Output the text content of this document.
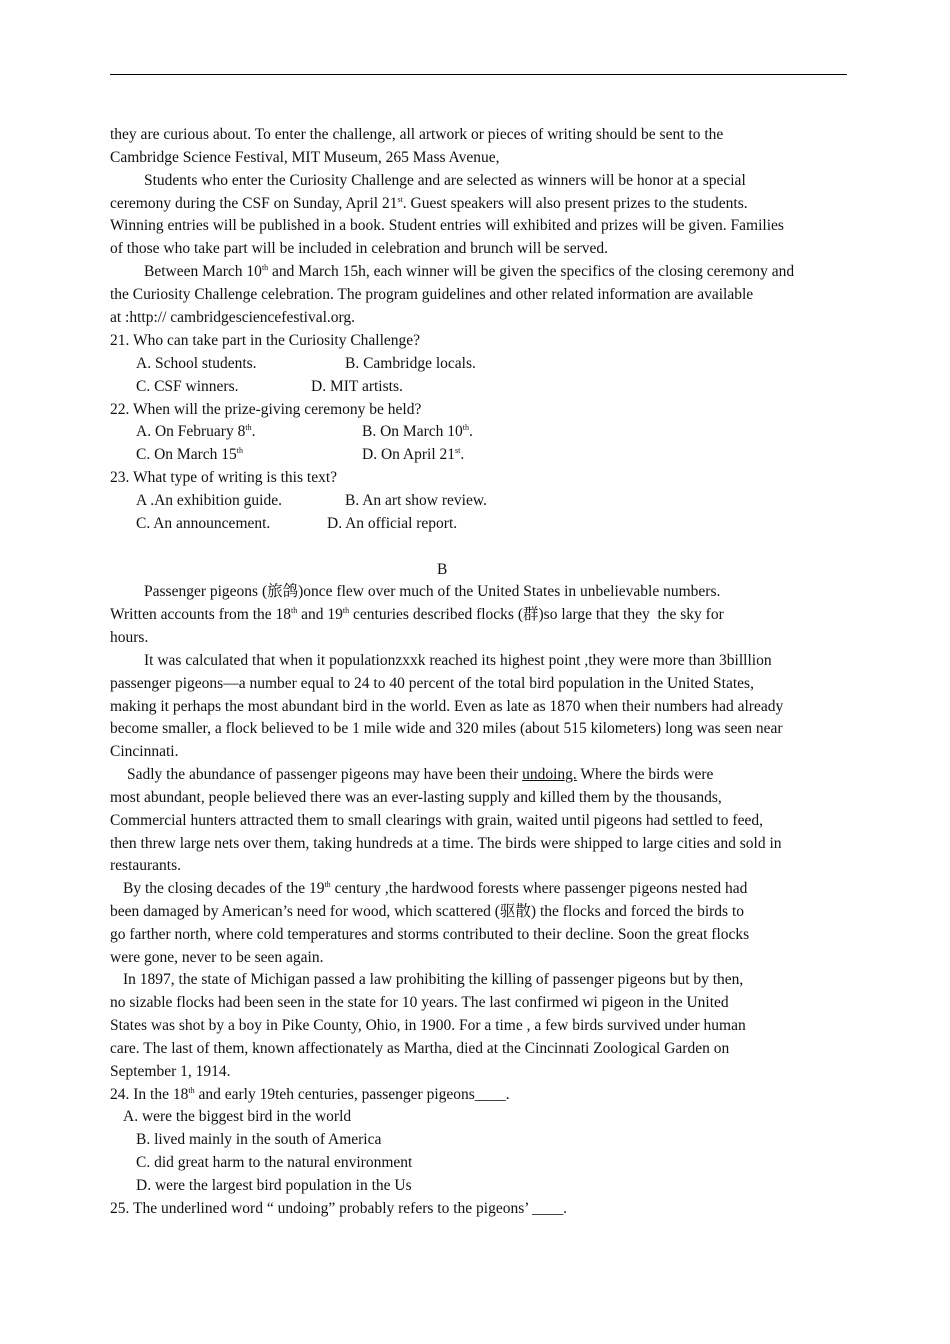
they are curious about. To enter the challenge, all artwork or pieces of writing should be sent to the
Cambridge Science Festival, MIT Museum, 265 Mass Avenue,
Students who enter the Curiosity Challenge and are selected as winners will be honor at a special
ceremony during the CSF on Sunday, April 21st. Guest speakers will also present prizes to the students.
Winning entries will be published in a book. Student entries will exhibited and prizes will be given. Families
of those who take part will be included in celebration and brunch will be served.
Between March 10th and March 15h, each winner will be given the specifics of the closing ceremony and
the Curiosity Challenge celebration. The program guidelines and other related information are available
at :http:// cambridgesciencefestival.org.
21. Who can take part in the Curiosity Challenge?
A. School students.	B. Cambridge locals.
C. CSF winners.	D. MIT artists.
22. When will the prize-giving ceremony be held?
A. On February 8th.	B. On March 10th.
C. On March 15th	D. On April 21st.
23. What type of writing is this text?
A .An exhibition guide.	B. An art show review.
C. An announcement.	D. An official report.
B
Passenger pigeons (旅鸽)once flew over much of the United States in unbelievable numbers.
Written accounts from the 18th and 19th centuries described flocks (群)so large that they  the sky for
hours.
It was calculated that when it populationzxxk reached its highest point ,they were more than 3billlion
passenger pigeons—a number equal to 24 to 40 percent of the total bird population in the United States,
making it perhaps the most abundant bird in the world. Even as late as 1870 when their numbers had already
become smaller, a flock believed to be 1 mile wide and 320 miles (about 515 kilometers) long was seen near
Cincinnati.
Sadly the abundance of passenger pigeons may have been their undoing. Where the birds were
most abundant, people believed there was an ever-lasting supply and killed them by the thousands,
Commercial hunters attracted them to small clearings with grain, waited until pigeons had settled to feed,
then threw large nets over them, taking hundreds at a time. The birds were shipped to large cities and sold in
restaurants.
By the closing decades of the 19th century ,the hardwood forests where passenger pigeons nested had
been damaged by American’s need for wood, which scattered (驱散) the flocks and forced the birds to
go farther north, where cold temperatures and storms contributed to their decline. Soon the great flocks
were gone, never to be seen again.
In 1897, the state of Michigan passed a law prohibiting the killing of passenger pigeons but by then,
no sizable flocks had been seen in the state for 10 years. The last confirmed wi pigeon in the United
States was shot by a boy in Pike County, Ohio, in 1900. For a time , a few birds survived under human
care. The last of them, known affectionately as Martha, died at the Cincinnati Zoological Garden on
September 1, 1914.
24. In the 18th and early 19teh centuries, passenger pigeons____.
A. were the biggest bird in the world
B. lived mainly in the south of America
C. did great harm to the natural environment
D. were the largest bird population in the Us
25. The underlined word “ undoing” probably refers to the pigeons’ ____.
